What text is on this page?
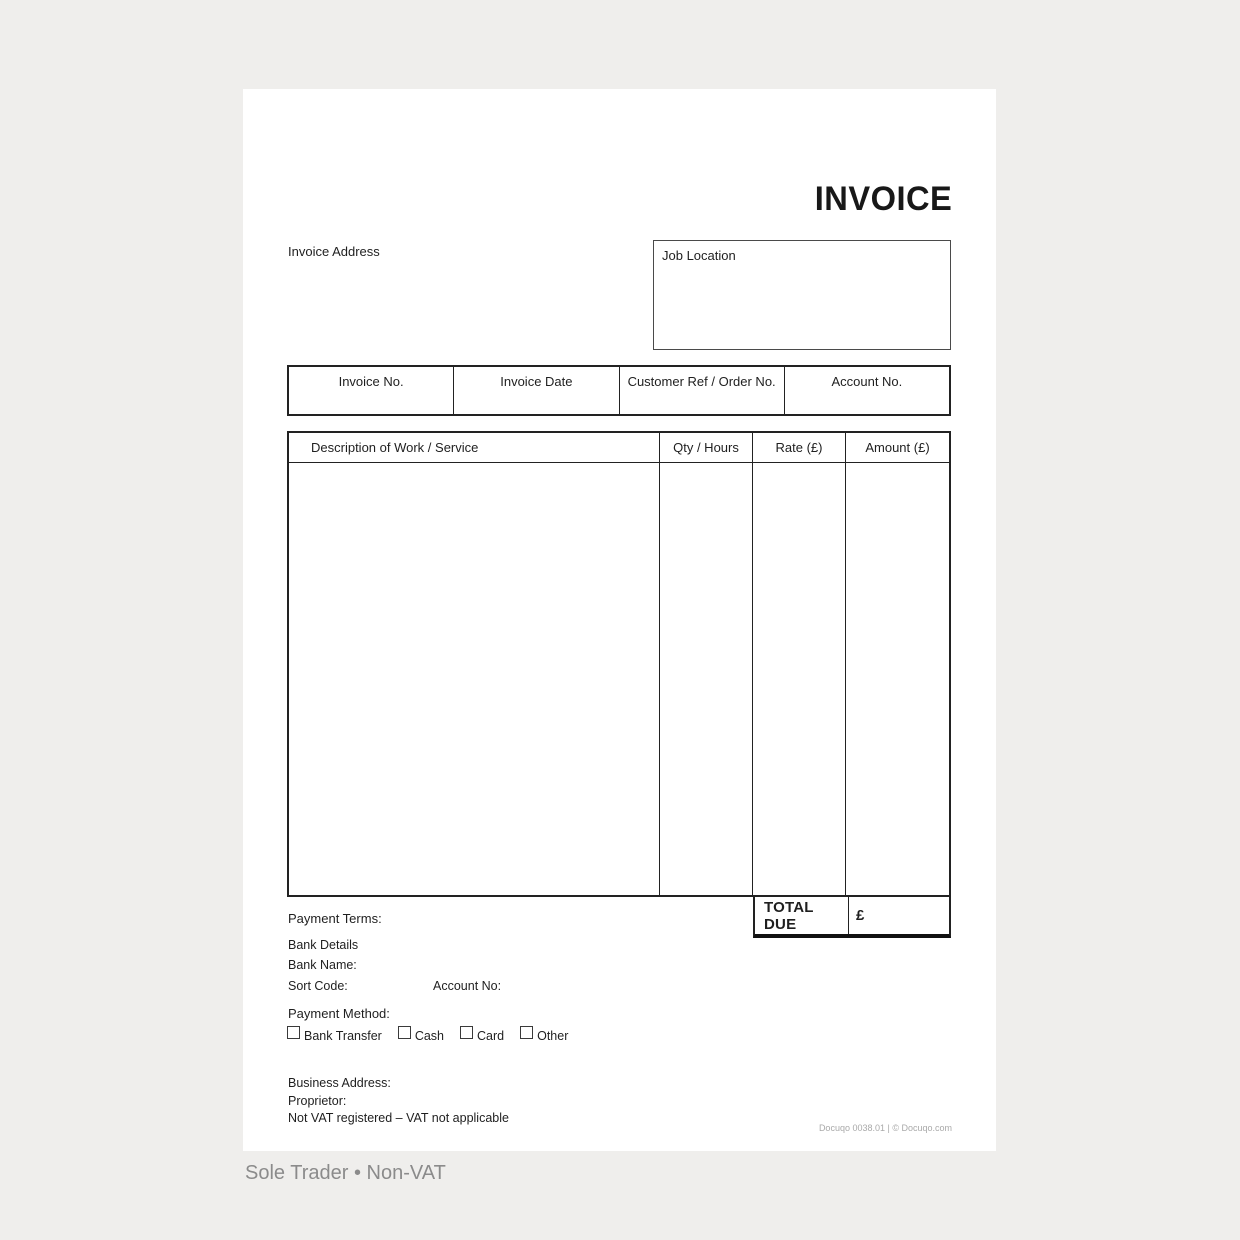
INVOICE
Invoice Address	Job Location
Invoice No.	Invoice Date	Customer Ref / Order No.	Account No.
Description of Work / Service	Qty / Hours	Rate (£)	Amount (£)
TOTAL DUE	£
Payment Terms:
Bank Details
Bank Name:
Sort Code:	Account No:
Payment Method:
Bank Transfer	Cash	Card	Other
Business Address:
Proprietor:
Not VAT registered – VAT not applicable
Docuqo 0038.01 | © Docuqo.com
Sole Trader • Non-VAT
